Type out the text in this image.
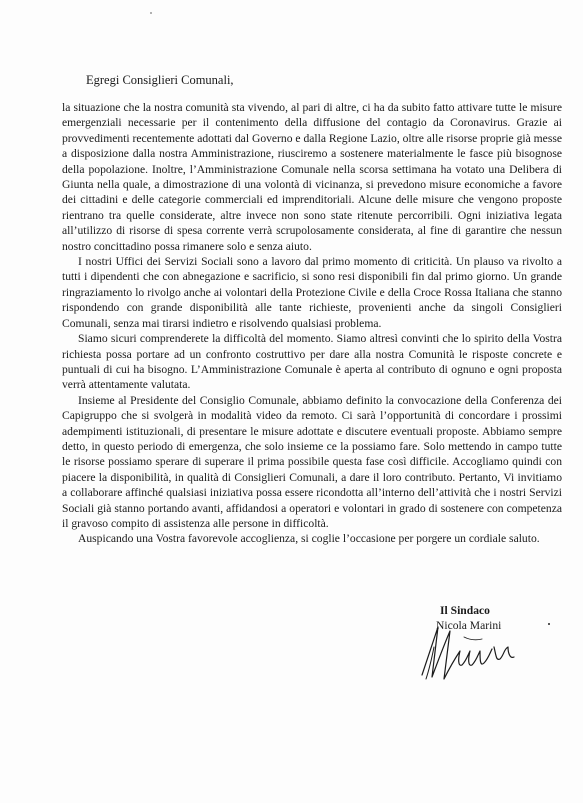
Egregi Consiglieri Comunali,

la situazione che la nostra comunità sta vivendo, al pari di altre, ci ha da subito fatto attivare tutte le misure emergenziali necessarie per il contenimento della diffusione del contagio da Coronavirus. Grazie ai provvedimenti recentemente adottati dal Governo e dalla Regione Lazio, oltre alle risorse proprie già messe a disposizione dalla nostra Amministrazione, riusciremo a sostenere materialmente le fasce più bisognose della popolazione. Inoltre, l’Amministrazione Comunale nella scorsa settimana ha votato una Delibera di Giunta nella quale, a dimostrazione di una volontà di vicinanza, si prevedono misure economiche a favore dei cittadini e delle categorie commerciali ed imprenditoriali. Alcune delle misure che vengono proposte rientrano tra quelle considerate, altre invece non sono state ritenute percorribili. Ogni iniziativa legata all’utilizzo di risorse di spesa corrente verrà scrupolosamente considerata, al fine di garantire che nessun nostro concittadino possa rimanere solo e senza aiuto.

I nostri Uffici dei Servizi Sociali sono a lavoro dal primo momento di criticità. Un plauso va rivolto a tutti i dipendenti che con abnegazione e sacrificio, si sono resi disponibili fin dal primo giorno. Un grande ringraziamento lo rivolgo anche ai volontari della Protezione Civile e della Croce Rossa Italiana che stanno rispondendo con grande disponibilità alle tante richieste, provenienti anche da singoli Consiglieri Comunali, senza mai tirarsi indietro e risolvendo qualsiasi problema.

Siamo sicuri comprenderete la difficoltà del momento. Siamo altresì convinti che lo spirito della Vostra richiesta possa portare ad un confronto costruttivo per dare alla nostra Comunità le risposte concrete e puntuali di cui ha bisogno. L’Amministrazione Comunale è aperta al contributo di ognuno e ogni proposta verrà attentamente valutata.

Insieme al Presidente del Consiglio Comunale, abbiamo definito la convocazione della Conferenza dei Capigruppo che si svolgerà in modalità video da remoto. Ci sarà l’opportunità di concordare i prossimi adempimenti istituzionali, di presentare le misure adottate e discutere eventuali proposte. Abbiamo sempre detto, in questo periodo di emergenza, che solo insieme ce la possiamo fare. Solo mettendo in campo tutte le risorse possiamo sperare di superare il prima possibile questa fase così difficile. Accogliamo quindi con piacere la disponibilità, in qualità di Consiglieri Comunali, a dare il loro contributo. Pertanto, Vi invitiamo a collaborare affinché qualsiasi iniziativa possa essere ricondotta all’interno dell’attività che i nostri Servizi Sociali già stanno portando avanti, affidandosi a operatori e volontari in grado di sostenere con competenza il gravoso compito di assistenza alle persone in difficoltà.

Auspicando una Vostra favorevole accoglienza, si coglie l’occasione per porgere un cordiale saluto.

Il Sindaco
Nicola Marini
